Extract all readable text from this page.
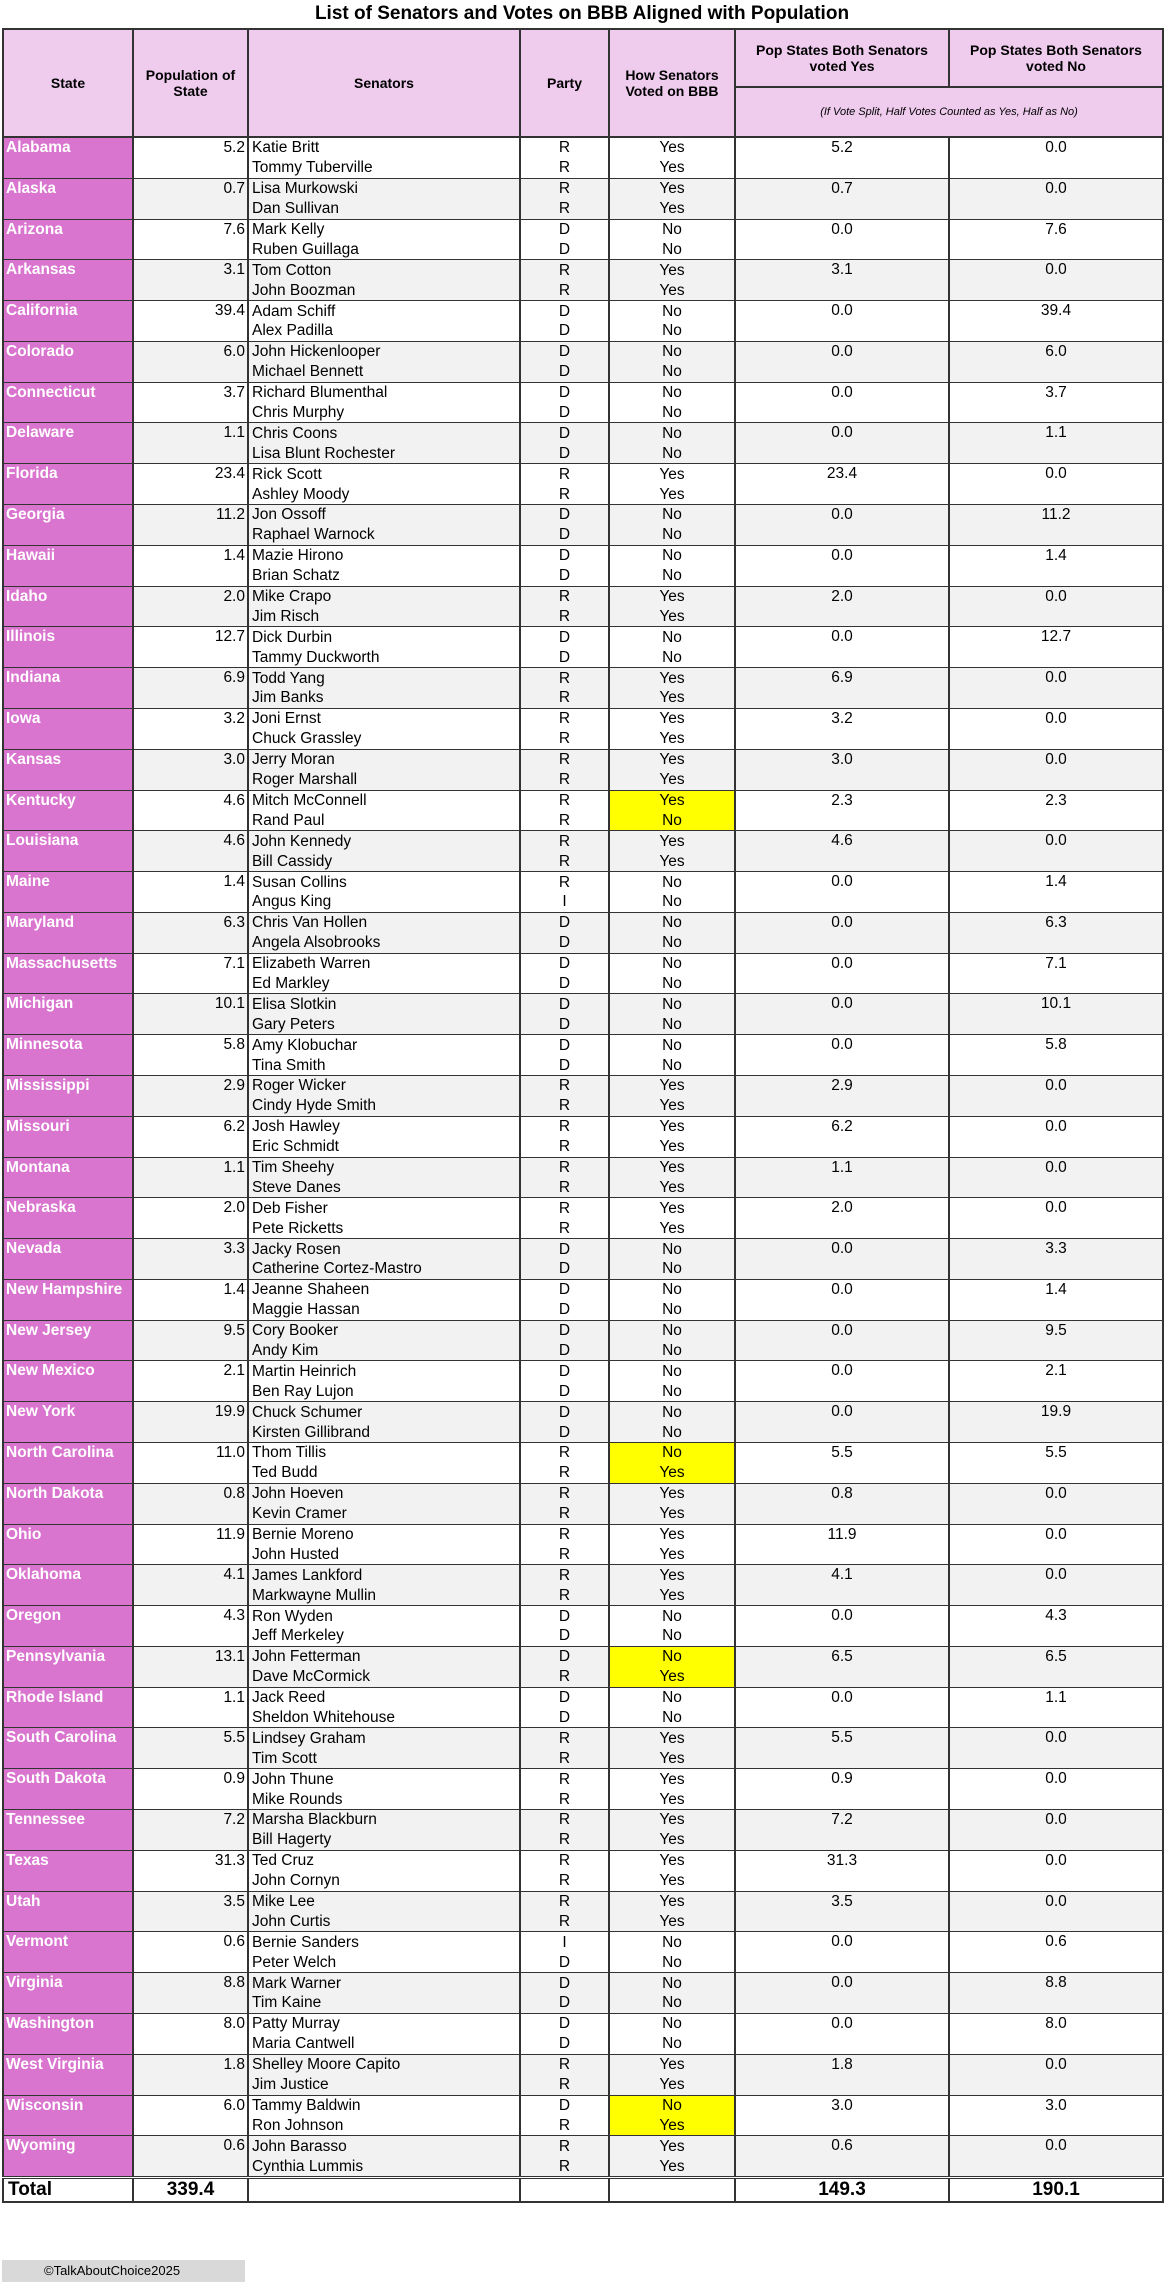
List of Senators and Votes on BBB Aligned with Population
State	Population of State	Senators	Party	How Senators Voted on BBB	Pop States Both Senators voted Yes	Pop States Both Senators voted No
					(If Vote Split, Half Votes Counted as Yes, Half as No)	
Alabama	5.2	Katie Britt	R	Yes	5.2	0.0
		Tommy Tuberville	R	Yes		
Alaska	0.7	Lisa Murkowski	R	Yes	0.7	0.0
		Dan Sullivan	R	Yes		
Arizona	7.6	Mark Kelly	D	No	0.0	7.6
		Ruben Guillaga	D	No		
Arkansas	3.1	Tom Cotton	R	Yes	3.1	0.0
		John Boozman	R	Yes		
California	39.4	Adam Schiff	D	No	0.0	39.4
		Alex Padilla	D	No		
Colorado	6.0	John Hickenlooper	D	No	0.0	6.0
		Michael Bennett	D	No		
Connecticut	3.7	Richard Blumenthal	D	No	0.0	3.7
		Chris Murphy	D	No		
Delaware	1.1	Chris Coons	D	No	0.0	1.1
		Lisa Blunt Rochester	D	No		
Florida	23.4	Rick Scott	R	Yes	23.4	0.0
		Ashley Moody	R	Yes		
Georgia	11.2	Jon Ossoff	D	No	0.0	11.2
		Raphael Warnock	D	No		
Hawaii	1.4	Mazie Hirono	D	No	0.0	1.4
		Brian Schatz	D	No		
Idaho	2.0	Mike Crapo	R	Yes	2.0	0.0
		Jim Risch	R	Yes		
Illinois	12.7	Dick Durbin	D	No	0.0	12.7
		Tammy Duckworth	D	No		
Indiana	6.9	Todd Yang	R	Yes	6.9	0.0
		Jim Banks	R	Yes		
Iowa	3.2	Joni Ernst	R	Yes	3.2	0.0
		Chuck Grassley	R	Yes		
Kansas	3.0	Jerry Moran	R	Yes	3.0	0.0
		Roger Marshall	R	Yes		
Kentucky	4.6	Mitch McConnell	R	Yes	2.3	2.3
		Rand Paul	R	No		
Louisiana	4.6	John Kennedy	R	Yes	4.6	0.0
		Bill Cassidy	R	Yes		
Maine	1.4	Susan Collins	R	No	0.0	1.4
		Angus King	I	No		
Maryland	6.3	Chris Van Hollen	D	No	0.0	6.3
		Angela Alsobrooks	D	No		
Massachusetts	7.1	Elizabeth Warren	D	No	0.0	7.1
		Ed Markley	D	No		
Michigan	10.1	Elisa Slotkin	D	No	0.0	10.1
		Gary Peters	D	No		
Minnesota	5.8	Amy Klobuchar	D	No	0.0	5.8
		Tina Smith	D	No		
Mississippi	2.9	Roger Wicker	R	Yes	2.9	0.0
		Cindy Hyde Smith	R	Yes		
Missouri	6.2	Josh Hawley	R	Yes	6.2	0.0
		Eric Schmidt	R	Yes		
Montana	1.1	Tim Sheehy	R	Yes	1.1	0.0
		Steve Danes	R	Yes		
Nebraska	2.0	Deb Fisher	R	Yes	2.0	0.0
		Pete Ricketts	R	Yes		
Nevada	3.3	Jacky Rosen	D	No	0.0	3.3
		Catherine Cortez-Mastro	D	No		
New Hampshire	1.4	Jeanne Shaheen	D	No	0.0	1.4
		Maggie Hassan	D	No		
New Jersey	9.5	Cory Booker	D	No	0.0	9.5
		Andy Kim	D	No		
New Mexico	2.1	Martin Heinrich	D	No	0.0	2.1
		Ben Ray Lujon	D	No		
New York	19.9	Chuck Schumer	D	No	0.0	19.9
		Kirsten Gillibrand	D	No		
North Carolina	11.0	Thom Tillis	R	No	5.5	5.5
		Ted Budd	R	Yes		
North Dakota	0.8	John Hoeven	R	Yes	0.8	0.0
		Kevin Cramer	R	Yes		
Ohio	11.9	Bernie Moreno	R	Yes	11.9	0.0
		John Husted	R	Yes		
Oklahoma	4.1	James Lankford	R	Yes	4.1	0.0
		Markwayne Mullin	R	Yes		
Oregon	4.3	Ron Wyden	D	No	0.0	4.3
		Jeff Merkeley	D	No		
Pennsylvania	13.1	John Fetterman	D	No	6.5	6.5
		Dave McCormick	R	Yes		
Rhode Island	1.1	Jack Reed	D	No	0.0	1.1
		Sheldon Whitehouse	D	No		
South Carolina	5.5	Lindsey Graham	R	Yes	5.5	0.0
		Tim Scott	R	Yes		
South Dakota	0.9	John Thune	R	Yes	0.9	0.0
		Mike Rounds	R	Yes		
Tennessee	7.2	Marsha Blackburn	R	Yes	7.2	0.0
		Bill Hagerty	R	Yes		
Texas	31.3	Ted Cruz	R	Yes	31.3	0.0
		John Cornyn	R	Yes		
Utah	3.5	Mike Lee	R	Yes	3.5	0.0
		John Curtis	R	Yes		
Vermont	0.6	Bernie Sanders	I	No	0.0	0.6
		Peter Welch	D	No		
Virginia	8.8	Mark Warner	D	No	0.0	8.8
		Tim Kaine	D	No		
Washington	8.0	Patty Murray	D	No	0.0	8.0
		Maria Cantwell	D	No		
West Virginia	1.8	Shelley Moore Capito	R	Yes	1.8	0.0
		Jim Justice	R	Yes		
Wisconsin	6.0	Tammy Baldwin	D	No	3.0	3.0
		Ron Johnson	R	Yes		
Wyoming	0.6	John Barasso	R	Yes	0.6	0.0
		Cynthia Lummis	R	Yes		
Total	339.4				149.3	190.1
©TalkAboutChoice2025
